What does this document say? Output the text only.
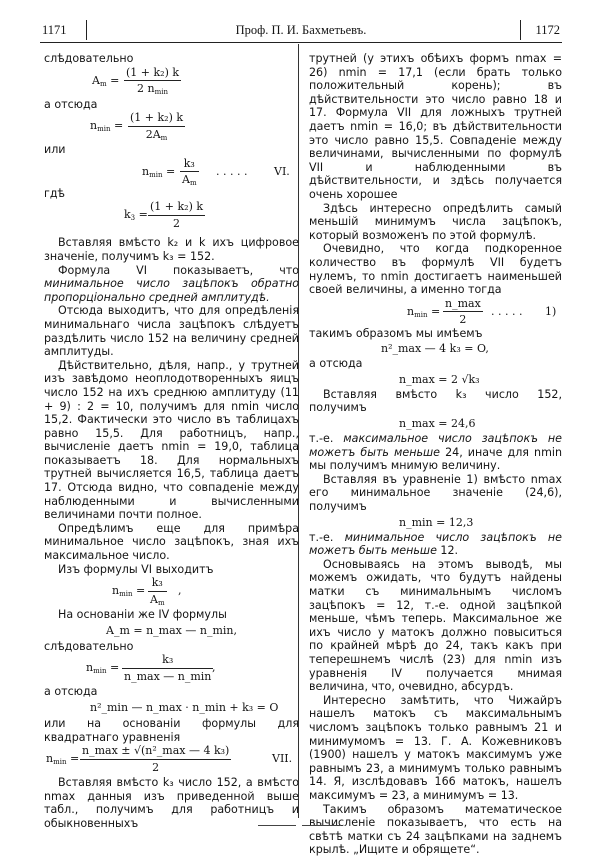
1171	Проф. П. И. Бахметьевъ.	1172

слѣдовательно

$A_m$ =
(1 + k₂) k
2 $n_{min}$

а отсюда

$n_{min}$ =
(1 + k₂) k
$2A_m$

или

$n_{min}$ =
k₃
$A_m$
. . . . . VI.

гдѣ

$k_3$ =
(1 + k₂) k
2

Вставляя вмѣсто k₂ и k ихъ цифровое значеніе, получимъ k₃ = 152.

Формула VI показываетъ, что минимальное число зацѣпокъ обратно пропорціонально средней амплитудѣ.

Отсюда выходитъ, что для опредѣленія минимальнаго числа зацѣпокъ слѣдуетъ раздѣлить число 152 на величину средней амплитуды.

Дѣйствительно, дѣля, напр., у трутней изъ завѣдомо неоплодотворенныхъ яицъ число 152 на ихъ среднюю амплитуду (11 + 9) : 2 = 10, получимъ для nmin число 15,2. Фактически это число въ таблицахъ равно 15,5. Для работницъ, напр., вычисленіе даетъ nmin = 19,0, таблица показываетъ 18. Для нормальныхъ трутней вычисляется 16,5, таблица даетъ 17. Отсюда видно, что совпаденіе между наблюденными и вычисленными величинами почти полное.

Опредѣлимъ еще для примѣра минимальное число зацѣпокъ, зная ихъ максимальное число.

Изъ формулы VI выходитъ

$n_{min}$ =
k₃
$A_m$
,

На основаніи же IV формулы

A_m = n_max — n_min,

слѣдовательно

$n_{min}$ =
k₃
n_max — n_min
,

а отсюда

n²_min — n_max · n_min + k₃ = O

или на основаніи формулы для квадратнаго уравненія

$n_{min}$ =
n_max ± √(n²_max — 4 k₃)
2
VII.

Вставляя вмѣсто k₃ число 152, а вмѣсто nmax данныя изъ приведенной выше табл., получимъ для работницъ и обыкновенныхъ

трутней (у этихъ обѣихъ формъ nmax = 26) nmin = 17,1 (если брать только положительный корень); въ дѣйствительности это число равно 18 и 17. Формула VII для ложныхъ трутней даетъ nmin = 16,0; въ дѣйствительности это число равно 15,5. Совпаденіе между величинами, вычисленными по формулѣ VII и наблюденными въ дѣйствительности, и здѣсь получается очень хорошее

Здѣсь интересно опредѣлить самый меньшій минимумъ числа зацѣпокъ, который возможенъ по этой формулѣ.

Очевидно, что когда подкоренное количество въ формулѣ VII будетъ нулемъ, то nmin достигаетъ наименьшей своей величины, а именно тогда

$n_{min}$ =
n_max
2
. . . . . 1)

такимъ образомъ мы имѣемъ

n²_max — 4 k₃ = O,

а отсюда

n_max = 2 √k₃

Вставляя вмѣсто k₃ число 152, получимъ

n_max = 24,6

т.-е. максимальное число зацѣпокъ не можетъ быть меньше 24, иначе для nmin мы получимъ мнимую величину.

Вставляя въ уравненіе 1) вмѣсто nmax его минимальное значеніе (24,6), получимъ

n_min = 12,3

т.-е. минимальное число зацѣпокъ не можетъ быть меньше 12.

Основываясь на этомъ выводѣ, мы можемъ ожидать, что будутъ найдены матки съ минимальнымъ числомъ зацѣпокъ = 12, т.-е. одной зацѣпкой меньше, чѣмъ теперь. Максимальное же ихъ число у матокъ должно повыситься по крайней мѣрѣ до 24, такъ какъ при теперешнемъ числѣ (23) для nmin изъ уравненія IV получается мнимая величина, что, очевидно, абсурдъ.

Интересно замѣтить, что Чижайръ нашелъ матокъ съ максимальнымъ числомъ зацѣпокъ только равнымъ 21 и минимумомъ = 13. Г. А. Кожевниковъ (1900) нашелъ у матокъ максимумъ уже равнымъ 23, а минимумъ только равнымъ 14. Я, изслѣдовавъ 166 матокъ, нашелъ максимумъ = 23, а минимумъ = 13.

Такимъ образомъ математическое вычисленіе показываетъ, что есть на свѣтѣ матки съ 24 зацѣпками на заднемъ крылѣ. „Ищите и обрящете“.
